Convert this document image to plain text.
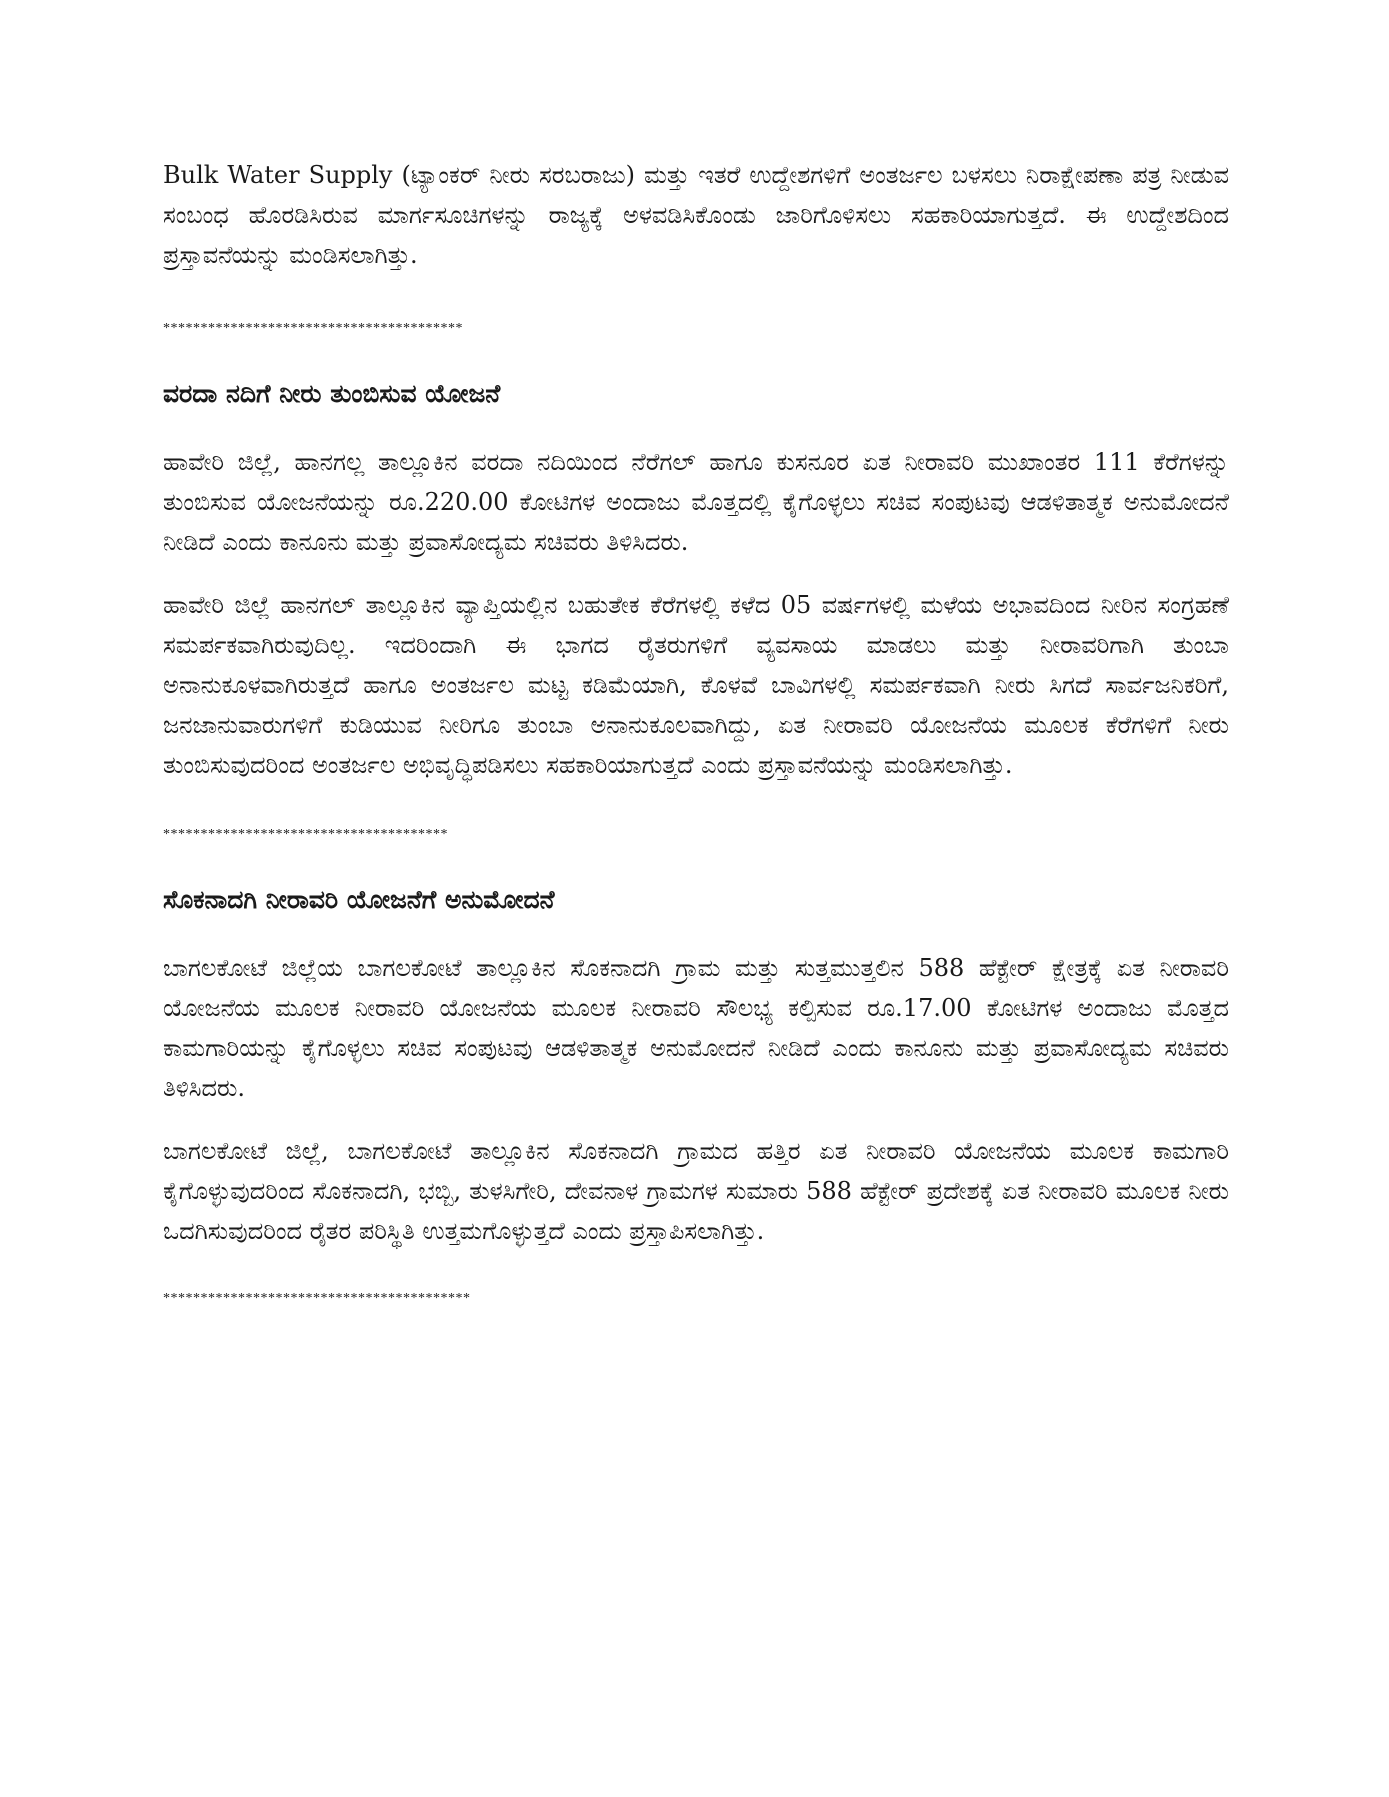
Bulk Water Supply (ಟ್ಯಾಂಕರ್ ನೀರು ಸರಬರಾಜು) ಮತ್ತು ಇತರೆ ಉದ್ದೇಶಗಳಿಗೆ ಅಂತರ್ಜಲ ಬಳಸಲು ನಿರಾಕ್ಷೇಪಣಾ ಪತ್ರ ನೀಡುವ ಸಂಬಂಧ ಹೊರಡಿಸಿರುವ ಮಾರ್ಗಸೂಚಿಗಳನ್ನು ರಾಜ್ಯಕ್ಕೆ ಅಳವಡಿಸಿಕೊಂಡು ಜಾರಿಗೊಳಿಸಲು ಸಹಕಾರಿಯಾಗುತ್ತದೆ. ಈ ಉದ್ದೇಶದಿಂದ ಪ್ರಸ್ತಾವನೆಯನ್ನು ಮಂಡಿಸಲಾಗಿತ್ತು.

****************************************

ವರದಾ ನದಿಗೆ ನೀರು ತುಂಬಿಸುವ ಯೋಜನೆ

ಹಾವೇರಿ ಜಿಲ್ಲೆ, ಹಾನಗಲ್ಲ ತಾಲ್ಲೂಕಿನ ವರದಾ ನದಿಯಿಂದ ನೆರೆಗಲ್ ಹಾಗೂ ಕುಸನೂರ ಏತ ನೀರಾವರಿ ಮುಖಾಂತರ 111 ಕೆರೆಗಳನ್ನು ತುಂಬಿಸುವ ಯೋಜನೆಯನ್ನು ರೂ.220.00 ಕೋಟಿಗಳ ಅಂದಾಜು ಮೊತ್ತದಲ್ಲಿ ಕೈಗೊಳ್ಳಲು ಸಚಿವ ಸಂಪುಟವು ಆಡಳಿತಾತ್ಮಕ ಅನುಮೋದನೆ ನೀಡಿದೆ ಎಂದು ಕಾನೂನು ಮತ್ತು ಪ್ರವಾಸೋದ್ಯಮ ಸಚಿವರು ತಿಳಿಸಿದರು.

ಹಾವೇರಿ ಜಿಲ್ಲೆ ಹಾನಗಲ್ ತಾಲ್ಲೂಕಿನ ವ್ಯಾಪ್ತಿಯಲ್ಲಿನ ಬಹುತೇಕ ಕೆರೆಗಳಲ್ಲಿ ಕಳೆದ 05 ವರ್ಷಗಳಲ್ಲಿ ಮಳೆಯ ಅಭಾವದಿಂದ ನೀರಿನ ಸಂಗ್ರಹಣೆ ಸಮರ್ಪಕವಾಗಿರುವುದಿಲ್ಲ. ಇದರಿಂದಾಗಿ ಈ ಭಾಗದ ರೈತರುಗಳಿಗೆ ವ್ಯವಸಾಯ ಮಾಡಲು ಮತ್ತು ನೀರಾವರಿಗಾಗಿ ತುಂಬಾ ಅನಾನುಕೂಳವಾಗಿರುತ್ತದೆ ಹಾಗೂ ಅಂತರ್ಜಲ ಮಟ್ಟ ಕಡಿಮೆಯಾಗಿ, ಕೊಳವೆ ಬಾವಿಗಳಲ್ಲಿ ಸಮರ್ಪಕವಾಗಿ ನೀರು ಸಿಗದೆ ಸಾರ್ವಜನಿಕರಿಗೆ, ಜನಜಾನುವಾರುಗಳಿಗೆ ಕುಡಿಯುವ ನೀರಿಗೂ ತುಂಬಾ ಅನಾನುಕೂಲವಾಗಿದ್ದು, ಏತ ನೀರಾವರಿ ಯೋಜನೆಯ ಮೂಲಕ ಕೆರೆಗಳಿಗೆ ನೀರು ತುಂಬಿಸುವುದರಿಂದ ಅಂತರ್ಜಲ ಅಭಿವೃದ್ಧಿಪಡಿಸಲು ಸಹಕಾರಿಯಾಗುತ್ತದೆ ಎಂದು ಪ್ರಸ್ತಾವನೆಯನ್ನು ಮಂಡಿಸಲಾಗಿತ್ತು.

**************************************

ಸೊಕನಾದಗಿ ನೀರಾವರಿ ಯೋಜನೆಗೆ ಅನುಮೋದನೆ

ಬಾಗಲಕೋಟೆ ಜಿಲ್ಲೆಯ ಬಾಗಲಕೋಟೆ ತಾಲ್ಲೂಕಿನ ಸೊಕನಾದಗಿ ಗ್ರಾಮ ಮತ್ತು ಸುತ್ತಮುತ್ತಲಿನ 588 ಹೆಕ್ಟೇರ್ ಕ್ಷೇತ್ರಕ್ಕೆ ಏತ ನೀರಾವರಿ ಯೋಜನೆಯ ಮೂಲಕ ನೀರಾವರಿ ಯೋಜನೆಯ ಮೂಲಕ ನೀರಾವರಿ ಸೌಲಭ್ಯ ಕಲ್ಪಿಸುವ ರೂ.17.00 ಕೋಟಿಗಳ ಅಂದಾಜು ಮೊತ್ತದ ಕಾಮಗಾರಿಯನ್ನು ಕೈಗೊಳ್ಳಲು ಸಚಿವ ಸಂಪುಟವು ಆಡಳಿತಾತ್ಮಕ ಅನುಮೋದನೆ ನೀಡಿದೆ ಎಂದು ಕಾನೂನು ಮತ್ತು ಪ್ರವಾಸೋದ್ಯಮ ಸಚಿವರು ತಿಳಿಸಿದರು.

ಬಾಗಲಕೋಟೆ ಜಿಲ್ಲೆ, ಬಾಗಲಕೋಟೆ ತಾಲ್ಲೂಕಿನ ಸೊಕನಾದಗಿ ಗ್ರಾಮದ ಹತ್ತಿರ ಏತ ನೀರಾವರಿ ಯೋಜನೆಯ ಮೂಲಕ ಕಾಮಗಾರಿ ಕೈಗೊಳ್ಳುವುದರಿಂದ ಸೊಕನಾದಗಿ, ಭಬ್ಬಿ, ತುಳಸಿಗೇರಿ, ದೇವನಾಳ ಗ್ರಾಮಗಳ ಸುಮಾರು 588 ಹೆಕ್ಟೇರ್ ಪ್ರದೇಶಕ್ಕೆ ಏತ ನೀರಾವರಿ ಮೂಲಕ ನೀರು ಒದಗಿಸುವುದರಿಂದ ರೈತರ ಪರಿಸ್ಥಿತಿ ಉತ್ತಮಗೊಳ್ಳುತ್ತದೆ ಎಂದು ಪ್ರಸ್ತಾಪಿಸಲಾಗಿತ್ತು.

*****************************************
